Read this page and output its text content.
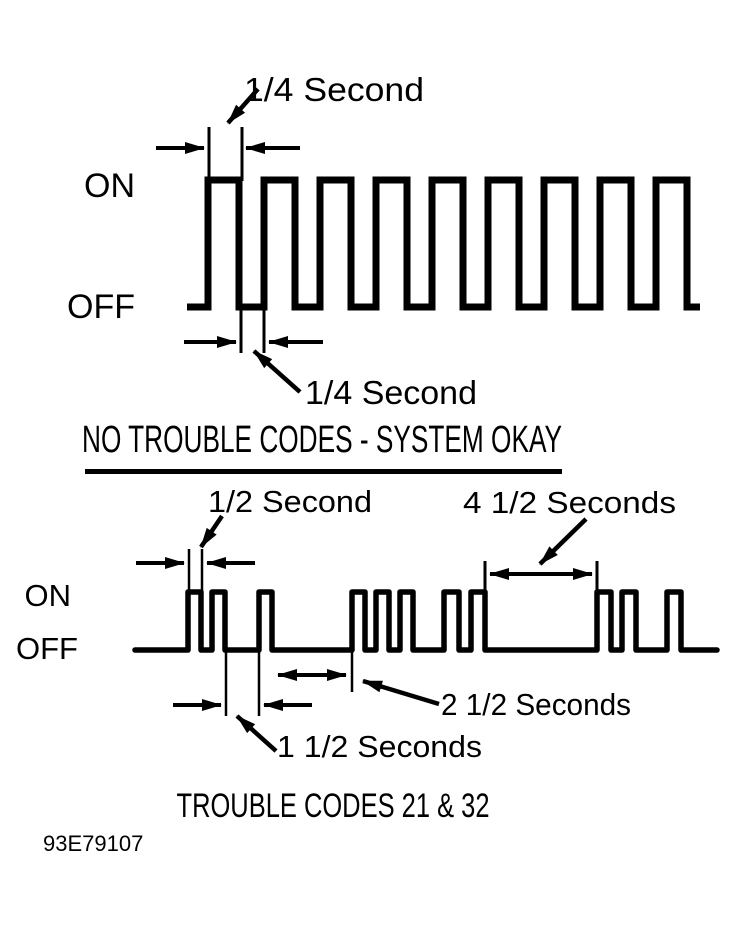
1/4 Second
ON
OFF
1/4 Second
NO TROUBLE CODES - SYSTEM OKAY
1/2 Second	4 1/2 Seconds
ON
OFF
2 1/2 Seconds
1 1/2 Seconds
TROUBLE CODES 21 & 32
93E79107
